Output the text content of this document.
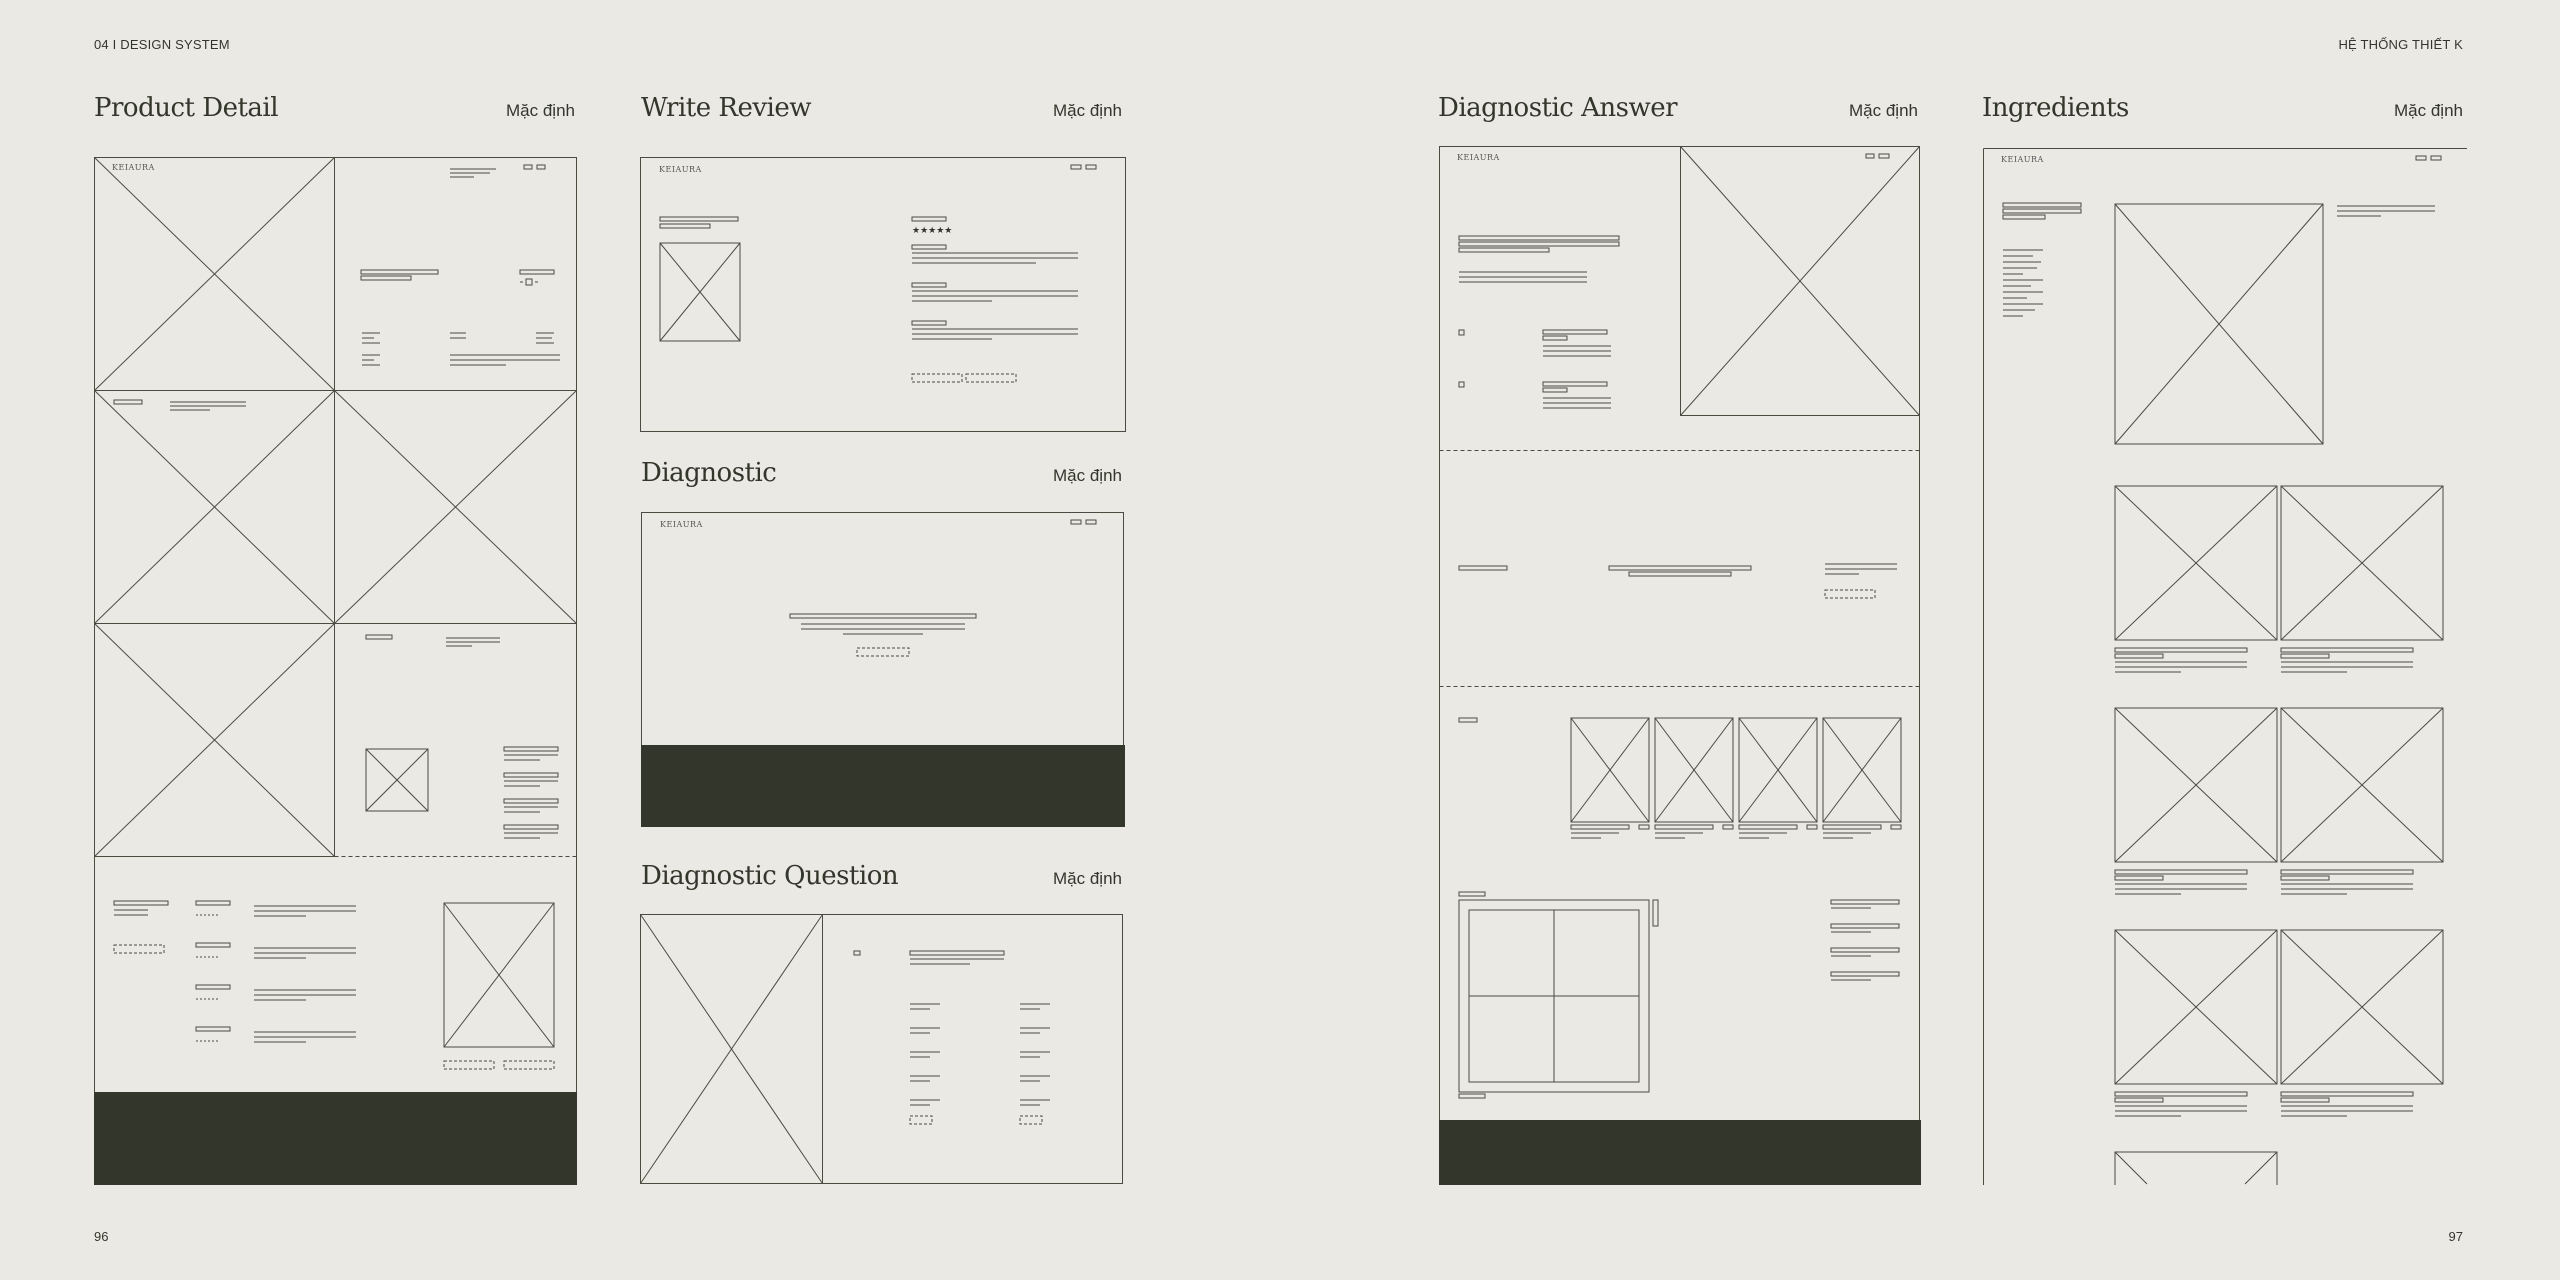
04 I DESIGN SYSTEM	HỆ THỐNG THIẾT K
Product Detail	Mặc định	Write Review	Mặc định
Diagnostic	Mặc định
Diagnostic Question	Mặc định
Diagnostic Answer	Mặc định Ingredients	Mặc định
96	97
KEIAURA	KEIAURA
★★★★★
KEIAURA
KEIAURA	KEIAURA
